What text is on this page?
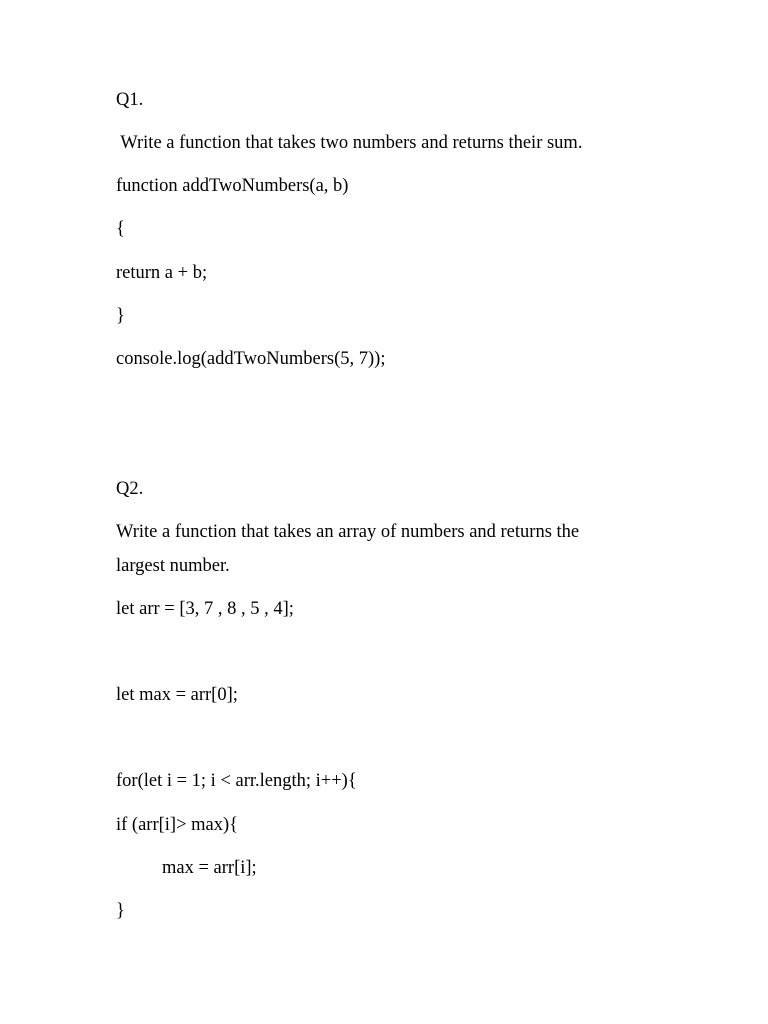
Q1.
Write a function that takes two numbers and returns their sum.
function addTwoNumbers(a, b)
{
return a + b;
}
console.log(addTwoNumbers(5, 7));
Q2.
Write a function that takes an array of numbers and returns the
largest number.
let arr = [3, 7 , 8 , 5 , 4];
let max = arr[0];
for(let i = 1; i < arr.length; i++){
if (arr[i]> max){
max = arr[i];
}
